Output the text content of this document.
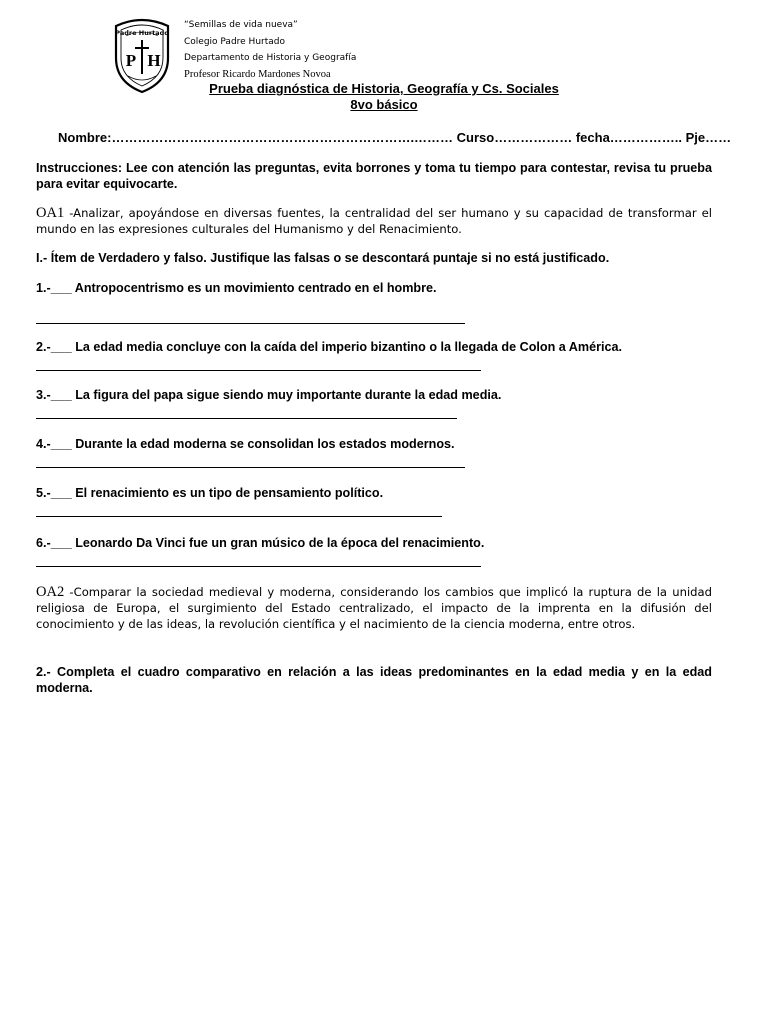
Padre Hurtado
P H
“Semillas de vida nueva”
Colegio Padre Hurtado
Departamento de Historia y Geografía
Profesor Ricardo Mardones Novoa
Prueba diagnóstica de Historia, Geografía y Cs. Sociales
8vo básico
Nombre:…………………………………………………………….……… Curso……………… fecha…………….. Pje……
Instrucciones: Lee con atención las preguntas, evita borrones y toma tu tiempo para contestar, revisa tu prueba para evitar equivocarte.
OA1 -Analizar, apoyándose en diversas fuentes, la centralidad del ser humano y su capacidad de transformar el mundo en las expresiones culturales del Humanismo y del Renacimiento.
I.- Ítem de Verdadero y falso. Justifique las falsas o se descontará puntaje si no está justificado.
1.-___ Antropocentrismo es un movimiento centrado en el hombre.
2.-___ La edad media concluye con la caída del imperio bizantino o la llegada de Colon a América.
3.-___ La figura del papa sigue siendo muy importante durante la edad media.
4.-___ Durante la edad moderna se consolidan los estados modernos.
5.-___ El renacimiento es un tipo de pensamiento político.
6.-___ Leonardo Da Vinci fue un gran músico de la época del renacimiento.
OA2 -Comparar la sociedad medieval y moderna, considerando los cambios que implicó la ruptura de la unidad religiosa de Europa, el surgimiento del Estado centralizado, el impacto de la imprenta en la difusión del conocimiento y de las ideas, la revolución científica y el nacimiento de la ciencia moderna, entre otros.
2.- Completa el cuadro comparativo en relación a las ideas predominantes en la edad media y en la edad moderna.
